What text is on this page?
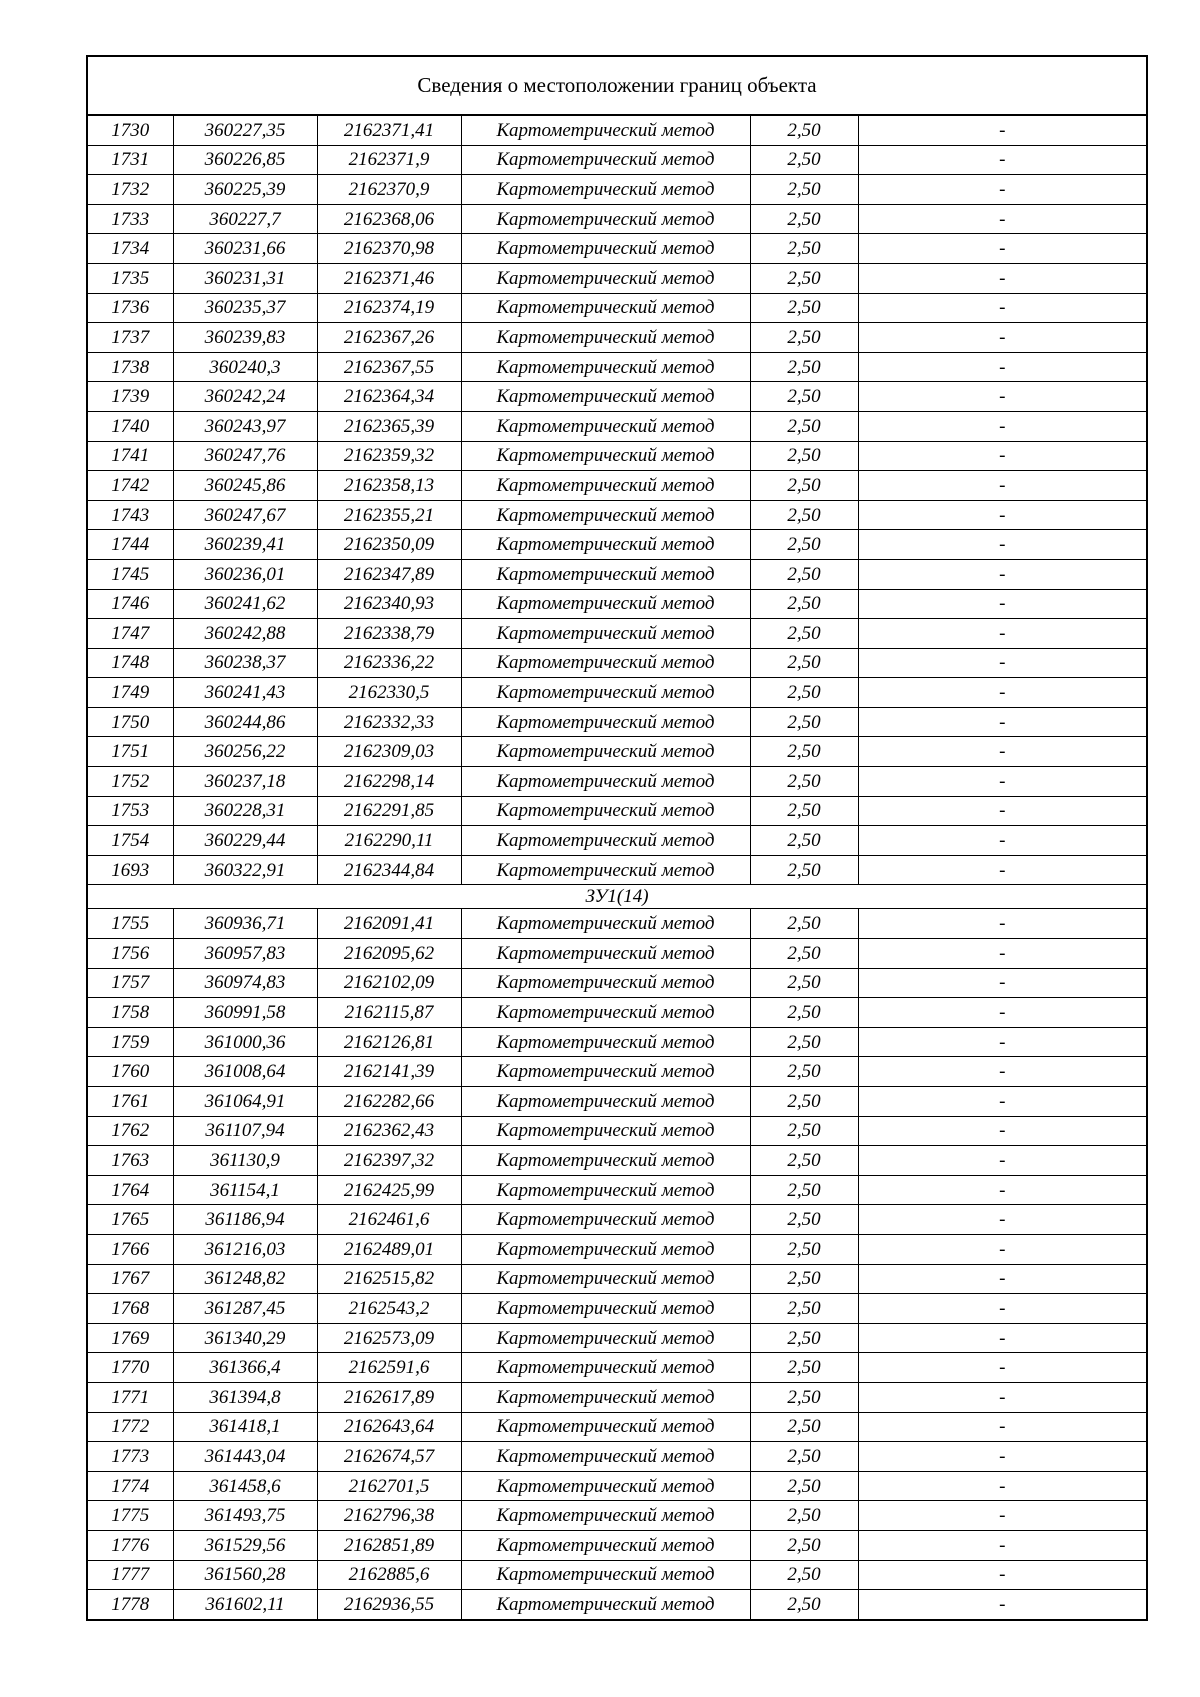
Сведения о местоположении границ объекта
1730	360227,35	2162371,41	Картометрический метод	2,50	-
1731	360226,85	2162371,9	Картометрический метод	2,50	-
1732	360225,39	2162370,9	Картометрический метод	2,50	-
1733	360227,7	2162368,06	Картометрический метод	2,50	-
1734	360231,66	2162370,98	Картометрический метод	2,50	-
1735	360231,31	2162371,46	Картометрический метод	2,50	-
1736	360235,37	2162374,19	Картометрический метод	2,50	-
1737	360239,83	2162367,26	Картометрический метод	2,50	-
1738	360240,3	2162367,55	Картометрический метод	2,50	-
1739	360242,24	2162364,34	Картометрический метод	2,50	-
1740	360243,97	2162365,39	Картометрический метод	2,50	-
1741	360247,76	2162359,32	Картометрический метод	2,50	-
1742	360245,86	2162358,13	Картометрический метод	2,50	-
1743	360247,67	2162355,21	Картометрический метод	2,50	-
1744	360239,41	2162350,09	Картометрический метод	2,50	-
1745	360236,01	2162347,89	Картометрический метод	2,50	-
1746	360241,62	2162340,93	Картометрический метод	2,50	-
1747	360242,88	2162338,79	Картометрический метод	2,50	-
1748	360238,37	2162336,22	Картометрический метод	2,50	-
1749	360241,43	2162330,5	Картометрический метод	2,50	-
1750	360244,86	2162332,33	Картометрический метод	2,50	-
1751	360256,22	2162309,03	Картометрический метод	2,50	-
1752	360237,18	2162298,14	Картометрический метод	2,50	-
1753	360228,31	2162291,85	Картометрический метод	2,50	-
1754	360229,44	2162290,11	Картометрический метод	2,50	-
1693	360322,91	2162344,84	Картометрический метод	2,50	-
ЗУ1(14)					
1755	360936,71	2162091,41	Картометрический метод	2,50	-
1756	360957,83	2162095,62	Картометрический метод	2,50	-
1757	360974,83	2162102,09	Картометрический метод	2,50	-
1758	360991,58	2162115,87	Картометрический метод	2,50	-
1759	361000,36	2162126,81	Картометрический метод	2,50	-
1760	361008,64	2162141,39	Картометрический метод	2,50	-
1761	361064,91	2162282,66	Картометрический метод	2,50	-
1762	361107,94	2162362,43	Картометрический метод	2,50	-
1763	361130,9	2162397,32	Картометрический метод	2,50	-
1764	361154,1	2162425,99	Картометрический метод	2,50	-
1765	361186,94	2162461,6	Картометрический метод	2,50	-
1766	361216,03	2162489,01	Картометрический метод	2,50	-
1767	361248,82	2162515,82	Картометрический метод	2,50	-
1768	361287,45	2162543,2	Картометрический метод	2,50	-
1769	361340,29	2162573,09	Картометрический метод	2,50	-
1770	361366,4	2162591,6	Картометрический метод	2,50	-
1771	361394,8	2162617,89	Картометрический метод	2,50	-
1772	361418,1	2162643,64	Картометрический метод	2,50	-
1773	361443,04	2162674,57	Картометрический метод	2,50	-
1774	361458,6	2162701,5	Картометрический метод	2,50	-
1775	361493,75	2162796,38	Картометрический метод	2,50	-
1776	361529,56	2162851,89	Картометрический метод	2,50	-
1777	361560,28	2162885,6	Картометрический метод	2,50	-
1778	361602,11	2162936,55	Картометрический метод	2,50	-
